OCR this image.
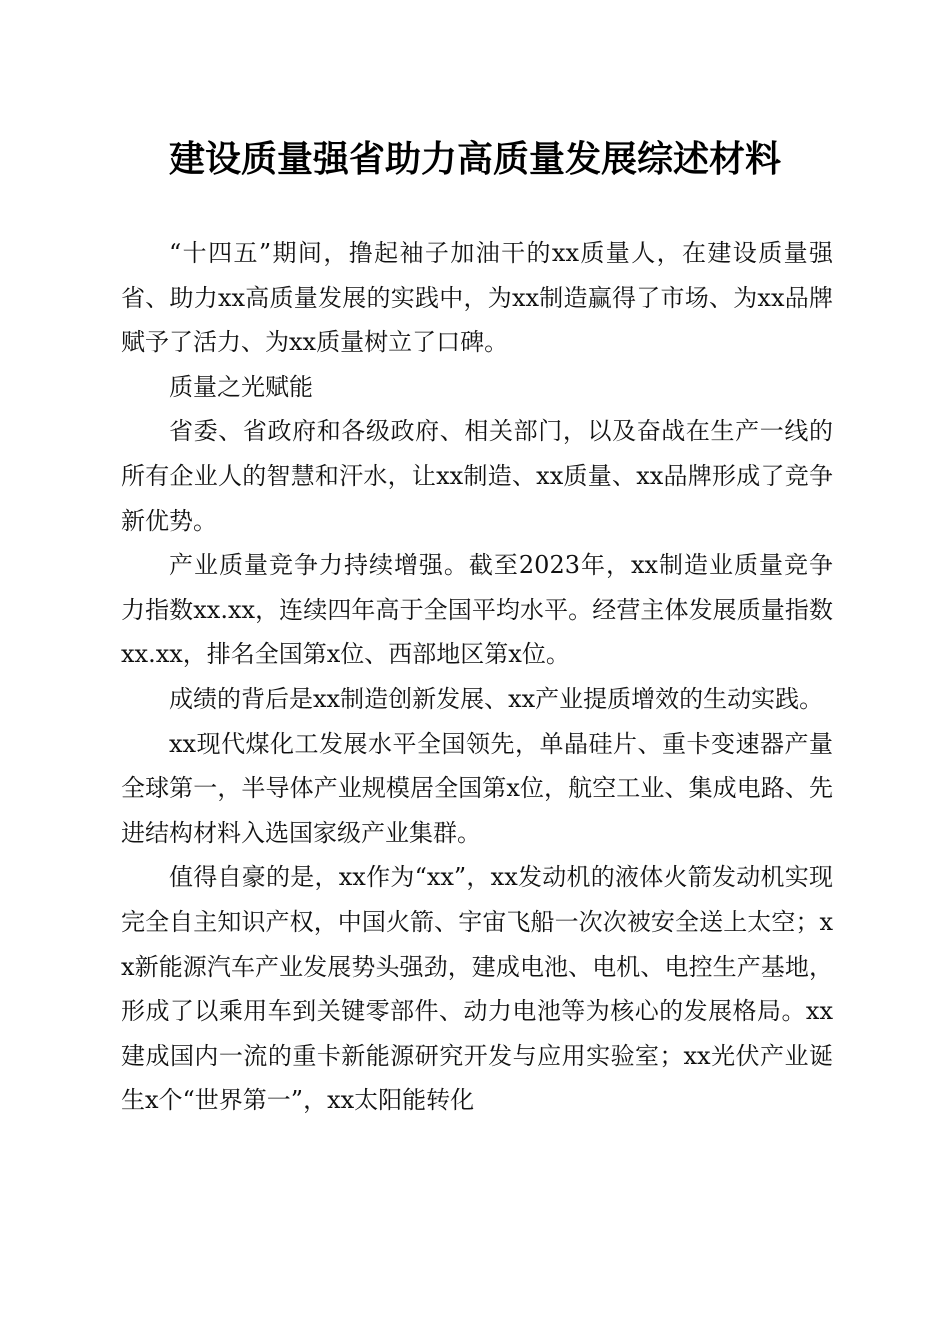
建设质量强省助力高质量发展综述材料

“十四五”期间，撸起袖子加油干的xx质量人，在建设质量强省、助力xx高质量发展的实践中，为xx制造赢得了市场、为xx品牌赋予了活力、为xx质量树立了口碑。

质量之光赋能

省委、省政府和各级政府、相关部门，以及奋战在生产一线的所有企业人的智慧和汗水，让xx制造、xx质量、xx品牌形成了竞争新优势。

产业质量竞争力持续增强。截至2023年，xx制造业质量竞争力指数xx.xx，连续四年高于全国平均水平。经营主体发展质量指数xx.xx，排名全国第x位、西部地区第x位。

成绩的背后是xx制造创新发展、xx产业提质增效的生动实践。

xx现代煤化工发展水平全国领先，单晶硅片、重卡变速器产量全球第一，半导体产业规模居全国第x位，航空工业、集成电路、先进结构材料入选国家级产业集群。

值得自豪的是，xx作为“xx”，xx发动机的液体火箭发动机实现完全自主知识产权，中国火箭、宇宙飞船一次次被安全送上太空；xx新能源汽车产业发展势头强劲，建成电池、电机、电控生产基地，形成了以乘用车到关键零部件、动力电池等为核心的发展格局。xx建成国内一流的重卡新能源研究开发与应用实验室；xx光伏产业诞生x个“世界第一”，xx太阳能转化
